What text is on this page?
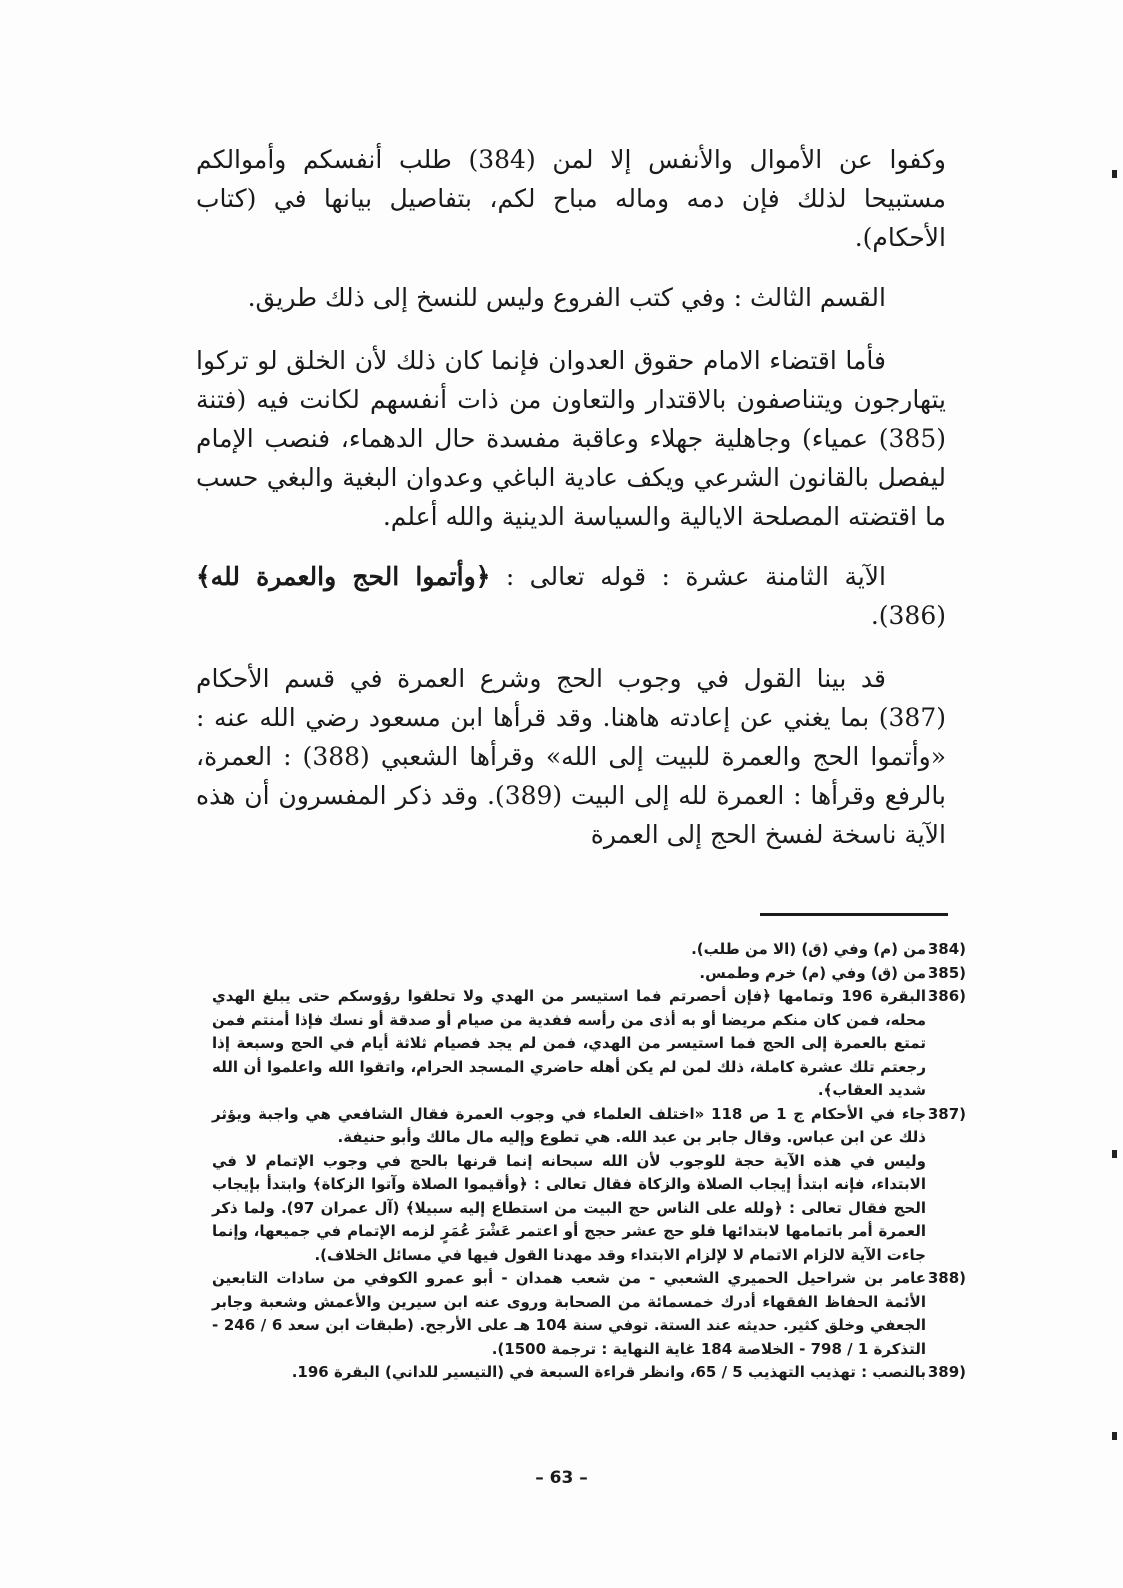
وكفوا عن الأموال والأنفس إلا لمن (384) طلب أنفسكم وأموالكم مستبيحا لذلك فإن دمه وماله مباح لكم، بتفاصيل بيانها في (كتاب الأحكام).

القسم الثالث : وفي كتب الفروع وليس للنسخ إلى ذلك طريق.

فأما اقتضاء الامام حقوق العدوان فإنما كان ذلك لأن الخلق لو تركوا يتهارجون ويتناصفون بالاقتدار والتعاون من ذات أنفسهم لكانت فيه (فتنة (385) عمياء) وجاهلية جهلاء وعاقبة مفسدة حال الدهماء، فنصب الإمام ليفصل بالقانون الشرعي ويكف عادية الباغي وعدوان البغية والبغي حسب ما اقتضته المصلحة الايالية والسياسة الدينية والله أعلم.

الآية الثامنة عشرة : قوله تعالى : ﴿وأتموا الحج والعمرة لله﴾ (386).

قد بينا القول في وجوب الحج وشرع العمرة في قسم الأحكام (387) بما يغني عن إعادته هاهنا. وقد قرأها ابن مسعود رضي الله عنه : «وأتموا الحج والعمرة للبيت إلى الله» وقرأها الشعبي (388) : العمرة، بالرفع وقرأها : العمرة لله إلى البيت (389). وقد ذكر المفسرون أن هذه الآية ناسخة لفسخ الحج إلى العمرة

(384
من (م) وفي (ق) (الا من طلب).
(385
من (ق) وفي (م) خرم وطمس.
(386
البقرة 196 وتمامها ﴿فإن أحصرتم فما استيسر من الهدي ولا تحلقوا رؤوسكم حتى يبلغ الهدي محله، فمن كان منكم مريضا أو به أذى من رأسه ففدية من صيام أو صدقة أو نسك فإذا أمنتم فمن تمتع بالعمرة إلى الحج فما استيسر من الهدي، فمن لم يجد فصيام ثلاثة أيام في الحج وسبعة إذا رجعتم تلك عشرة كاملة، ذلك لمن لم يكن أهله حاضري المسجد الحرام، واتقوا الله واعلموا أن الله شديد العقاب﴾.
(387
جاء في الأحكام ج 1 ص 118 «اختلف العلماء في وجوب العمرة فقال الشافعي هي واجبة ويؤثر ذلك عن ابن عباس. وقال جابر بن عبد الله. هي تطوع وإليه مال مالك وأبو حنيفة.
وليس في هذه الآية حجة للوجوب لأن الله سبحانه إنما قرنها بالحج في وجوب الإتمام لا في الابتداء، فإنه ابتدأ إيجاب الصلاة والزكاة فقال تعالى : ﴿وأقيموا الصلاة وآتوا الزكاة﴾ وابتدأ بإيجاب الحج فقال تعالى : ﴿ولله على الناس حج البيت من استطاع إليه سبيلا﴾ (آل عمران 97). ولما ذكر العمرة أمر باتمامها لابتدائها فلو حج عشر حجج أو اعتمر عَشْرَ عُمَرٍ لزمه الإتمام في جميعها، وإنما جاءت الآية لالزام الاتمام لا لإلزام الابتداء وقد مهدنا القول فيها في مسائل الخلاف).
(388
عامر بن شراحيل الحميري الشعبي - من شعب همدان - أبو عمرو الكوفي من سادات التابعين الأئمة الحفاظ الفقهاء أدرك خمسمائة من الصحابة وروى عنه ابن سيرين والأعمش وشعبة وجابر الجعفي وخلق كثير. حديثه عند الستة. توفي سنة 104 هـ على الأرجح. (طبقات ابن سعد 6 / 246 - التذكرة 1 / 798 - الخلاصة 184 غاية النهاية : ترجمة 1500).
(389
بالنصب : تهذيب التهذيب 5 / 65، وانظر قراءة السبعة في (التيسير للداني) البقرة 196.
– 63 –
